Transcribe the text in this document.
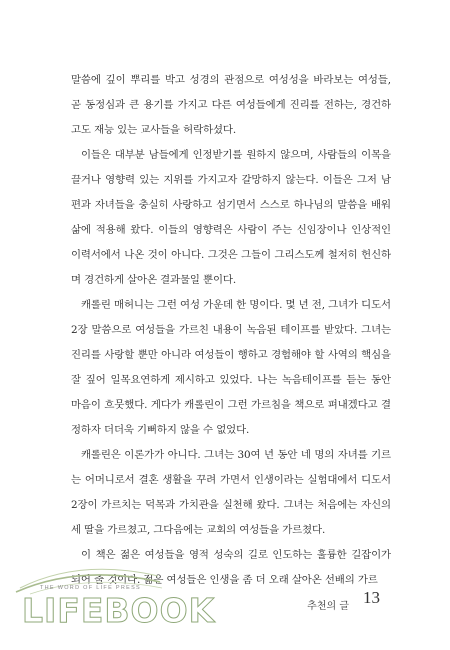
말씀에 깊이 뿌리를 박고 성경의 관점으로 여성성을 바라보는 여성들, 곧 동정심과 큰 용기를 가지고 다른 여성들에게 진리를 전하는, 경건하고도 재능 있는 교사들을 허락하셨다.

이들은 대부분 남들에게 인정받기를 원하지 않으며, 사람들의 이목을 끌거나 영향력 있는 지위를 가지고자 갈망하지 않는다. 이들은 그저 남편과 자녀들을 충실히 사랑하고 섬기면서 스스로 하나님의 말씀을 배워 삶에 적용해 왔다. 이들의 영향력은 사람이 주는 신임장이나 인상적인 이력서에서 나온 것이 아니다. 그것은 그들이 그리스도께 철저히 헌신하며 경건하게 살아온 결과물일 뿐이다.

캐롤린 매허니는 그런 여성 가운데 한 명이다. 몇 년 전, 그녀가 디도서 2장 말씀으로 여성들을 가르친 내용이 녹음된 테이프를 받았다. 그녀는 진리를 사랑할 뿐만 아니라 여성들이 행하고 경험해야 할 사역의 핵심을 잘 짚어 일목요연하게 제시하고 있었다. 나는 녹음테이프를 듣는 동안 마음이 흐뭇했다. 게다가 캐롤린이 그런 가르침을 책으로 펴내겠다고 결정하자 더더욱 기뻐하지 않을 수 없었다.

캐롤린은 이론가가 아니다. 그녀는 30여 년 동안 네 명의 자녀를 기르는 어머니로서 결혼 생활을 꾸려 가면서 인생이라는 실험대에서 디도서 2장이 가르치는 덕목과 가치관을 실천해 왔다. 그녀는 처음에는 자신의 세 딸을 가르쳤고, 그다음에는 교회의 여성들을 가르쳤다.

이 책은 젊은 여성들을 영적 성숙의 길로 인도하는 훌륭한 길잡이가 되어 줄 것이다. 젊은 여성들은 인생을 좀 더 오래 살아온 선배의 가르

THE WORD OF LIFE PRESS
LIFEBOOK	추천의 글 13
